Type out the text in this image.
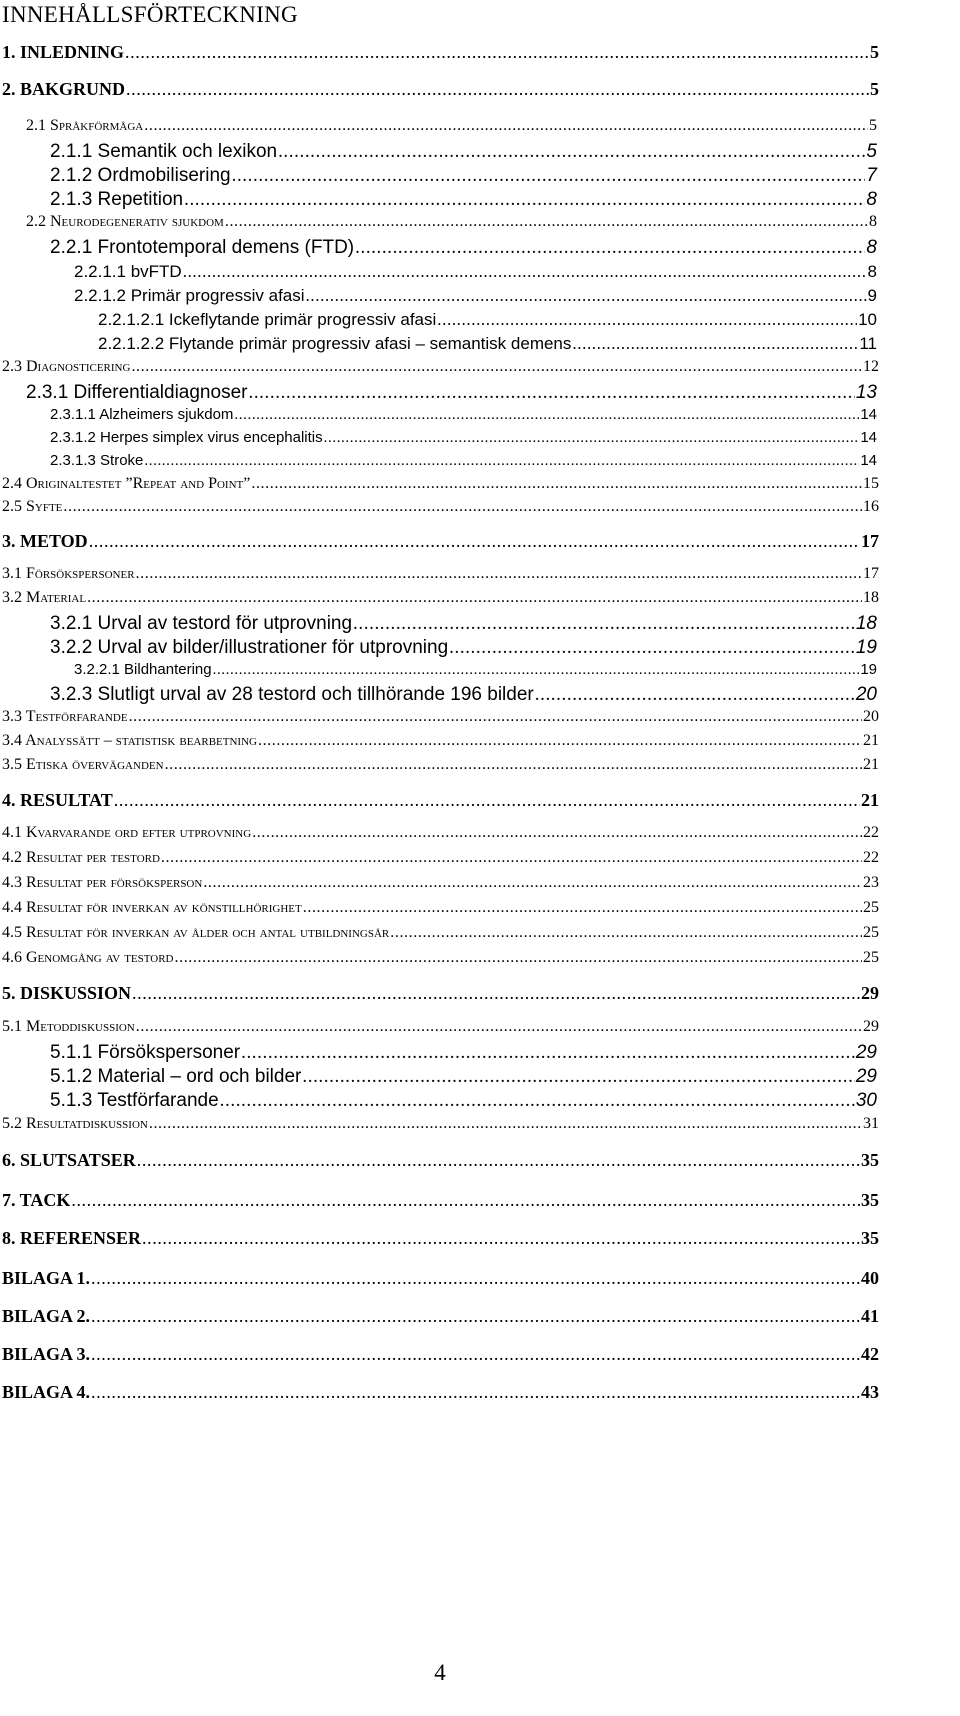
INNEHÅLLSFÖRTECKNING
1. INLEDNING .....	5
2. BAKGRUND .....	5
2.1 Språkförmåga .....	5
2.1.1 Semantik och lexikon .....	5
2.1.2 Ordmobilisering .....	7
2.1.3 Repetition .....	8
2.2 Neurodegenerativ sjukdom .....	8
2.2.1 Frontotemporal demens (FTD) .....	8
2.2.1.1 bvFTD .....	8
2.2.1.2 Primär progressiv afasi .....	9
2.2.1.2.1 Ickeflytande primär progressiv afasi .....	10
2.2.1.2.2 Flytande primär progressiv afasi – semantisk demens .....	11
2.3 Diagnosticering .....	12
2.3.1 Differentialdiagnoser .....	13
2.3.1.1 Alzheimers sjukdom .....	14
2.3.1.2 Herpes simplex virus encephalitis .....	14
2.3.1.3 Stroke .....	14
2.4 Originaltestet ”Repeat and Point” .....	15
2.5 Syfte .....	16
3. METOD .....	17
3.1 Försökspersoner .....	17
3.2 Material .....	18
3.2.1 Urval av testord för utprovning .....	18
3.2.2 Urval av bilder/illustrationer för utprovning .....	19
3.2.2.1 Bildhantering .....	19
3.2.3 Slutligt urval av 28 testord och tillhörande 196 bilder .....	20
3.3 Testförfarande .....	20
3.4 Analyssätt – statistisk bearbetning .....	21
3.5 Etiska överväganden .....	21
4. RESULTAT .....	21
4.1 Kvarvarande ord efter utprovning .....	22
4.2 Resultat per testord .....	22
4.3 Resultat per försöksperson .....	23
4.4 Resultat för inverkan av könstillhörighet .....	25
4.5 Resultat för inverkan av ålder och antal utbildningsår .....	25
4.6 Genomgång av testord .....	25
5. DISKUSSION .....	29
5.1 Metoddiskussion .....	29
5.1.1 Försökspersoner .....	29
5.1.2 Material – ord och bilder .....	29
5.1.3 Testförfarande .....	30
5.2 Resultatdiskussion .....	31
6. SLUTSATSER .....	35
7. TACK .....	35
8. REFERENSER .....	35
BILAGA 1. .....	40
BILAGA 2. .....	41
BILAGA 3. .....	42
BILAGA 4. .....	43
4
